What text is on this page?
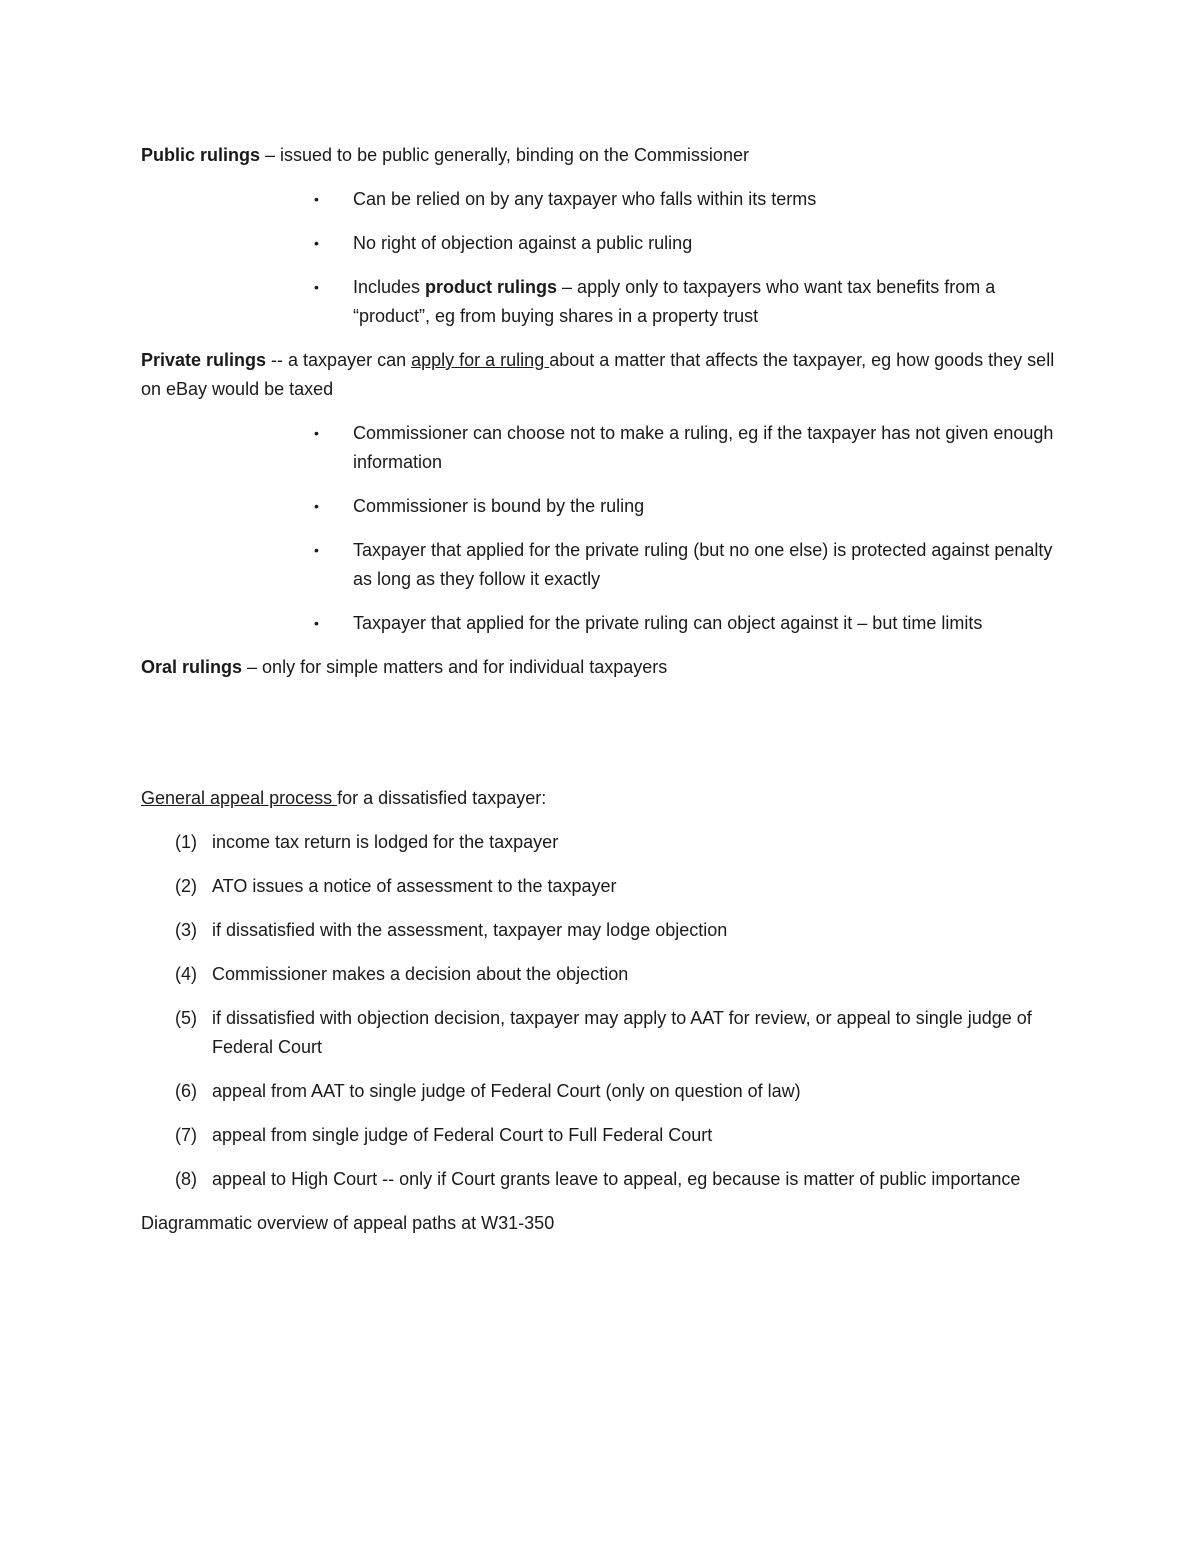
Public rulings – issued to be public generally, binding on the Commissioner

• Can be relied on by any taxpayer who falls within its terms
• No right of objection against a public ruling
• Includes product rulings – apply only to taxpayers who want tax benefits from a “product”, eg from buying shares in a property trust

Private rulings -- a taxpayer can apply for a ruling about a matter that affects the taxpayer, eg how goods they sell on eBay would be taxed

• Commissioner can choose not to make a ruling, eg if the taxpayer has not given enough information
• Commissioner is bound by the ruling
• Taxpayer that applied for the private ruling (but no one else) is protected against penalty as long as they follow it exactly
• Taxpayer that applied for the private ruling can object against it – but time limits

Oral rulings – only for simple matters and for individual taxpayers

General appeal process for a dissatisfied taxpayer:

(1) income tax return is lodged for the taxpayer
(2) ATO issues a notice of assessment to the taxpayer
(3) if dissatisfied with the assessment, taxpayer may lodge objection
(4) Commissioner makes a decision about the objection
(5) if dissatisfied with objection decision, taxpayer may apply to AAT for review, or appeal to single judge of Federal Court
(6) appeal from AAT to single judge of Federal Court (only on question of law)
(7) appeal from single judge of Federal Court to Full Federal Court
(8) appeal to High Court -- only if Court grants leave to appeal, eg because is matter of public importance

Diagrammatic overview of appeal paths at W31-350
